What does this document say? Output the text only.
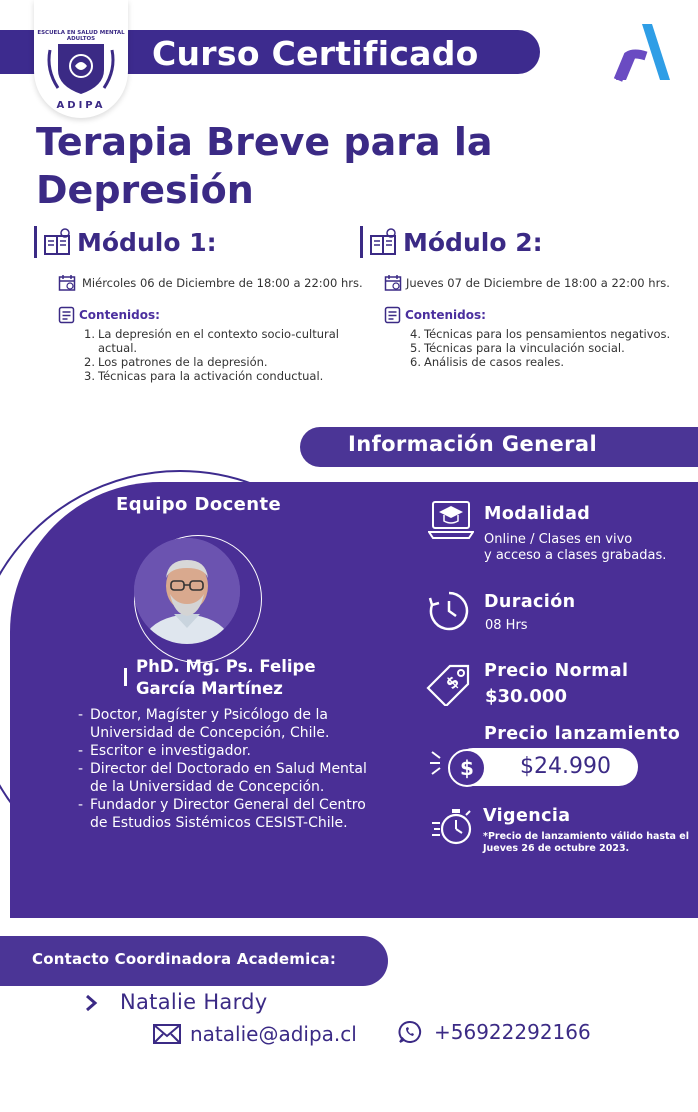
Curso Certificado
ESCUELA EN SALUD MENTAL
ADULTOS
ADIPA
Terapia Breve para la
Depresión
Módulo 1:
Miércoles 06 de Diciembre de 18:00 a 22:00 hrs.
Contenidos:
1. La depresión en el contexto socio-cultural actual.
2. Los patrones de la depresión.
3. Técnicas para la activación conductual.
Módulo 2:
Jueves 07 de Diciembre de 18:00 a 22:00 hrs.
Contenidos:
4. Técnicas para los pensamientos negativos.
5. Técnicas para la vinculación social.
6. Análisis de casos reales.
Información General
Equipo Docente
PhD. Mg. Ps. Felipe
García Martínez
- Doctor, Magíster y Psicólogo de la Universidad de Concepción, Chile.
- Escritor e investigador.
- Director del Doctorado en Salud Mental de la Universidad de Concepción.
- Fundador y Director General del Centro de Estudios Sistémicos CESIST-Chile.
Modalidad
Online / Clases en vivo
y acceso a clases grabadas.
Duración
08 Hrs
$
Precio Normal
$30.000
Precio lanzamiento
$	$24.990
Vigencia
*Precio de lanzamiento válido hasta el
Jueves 26 de octubre 2023.
Contacto Coordinadora Academica:
Natalie Hardy
natalie@adipa.cl	+56922292166
